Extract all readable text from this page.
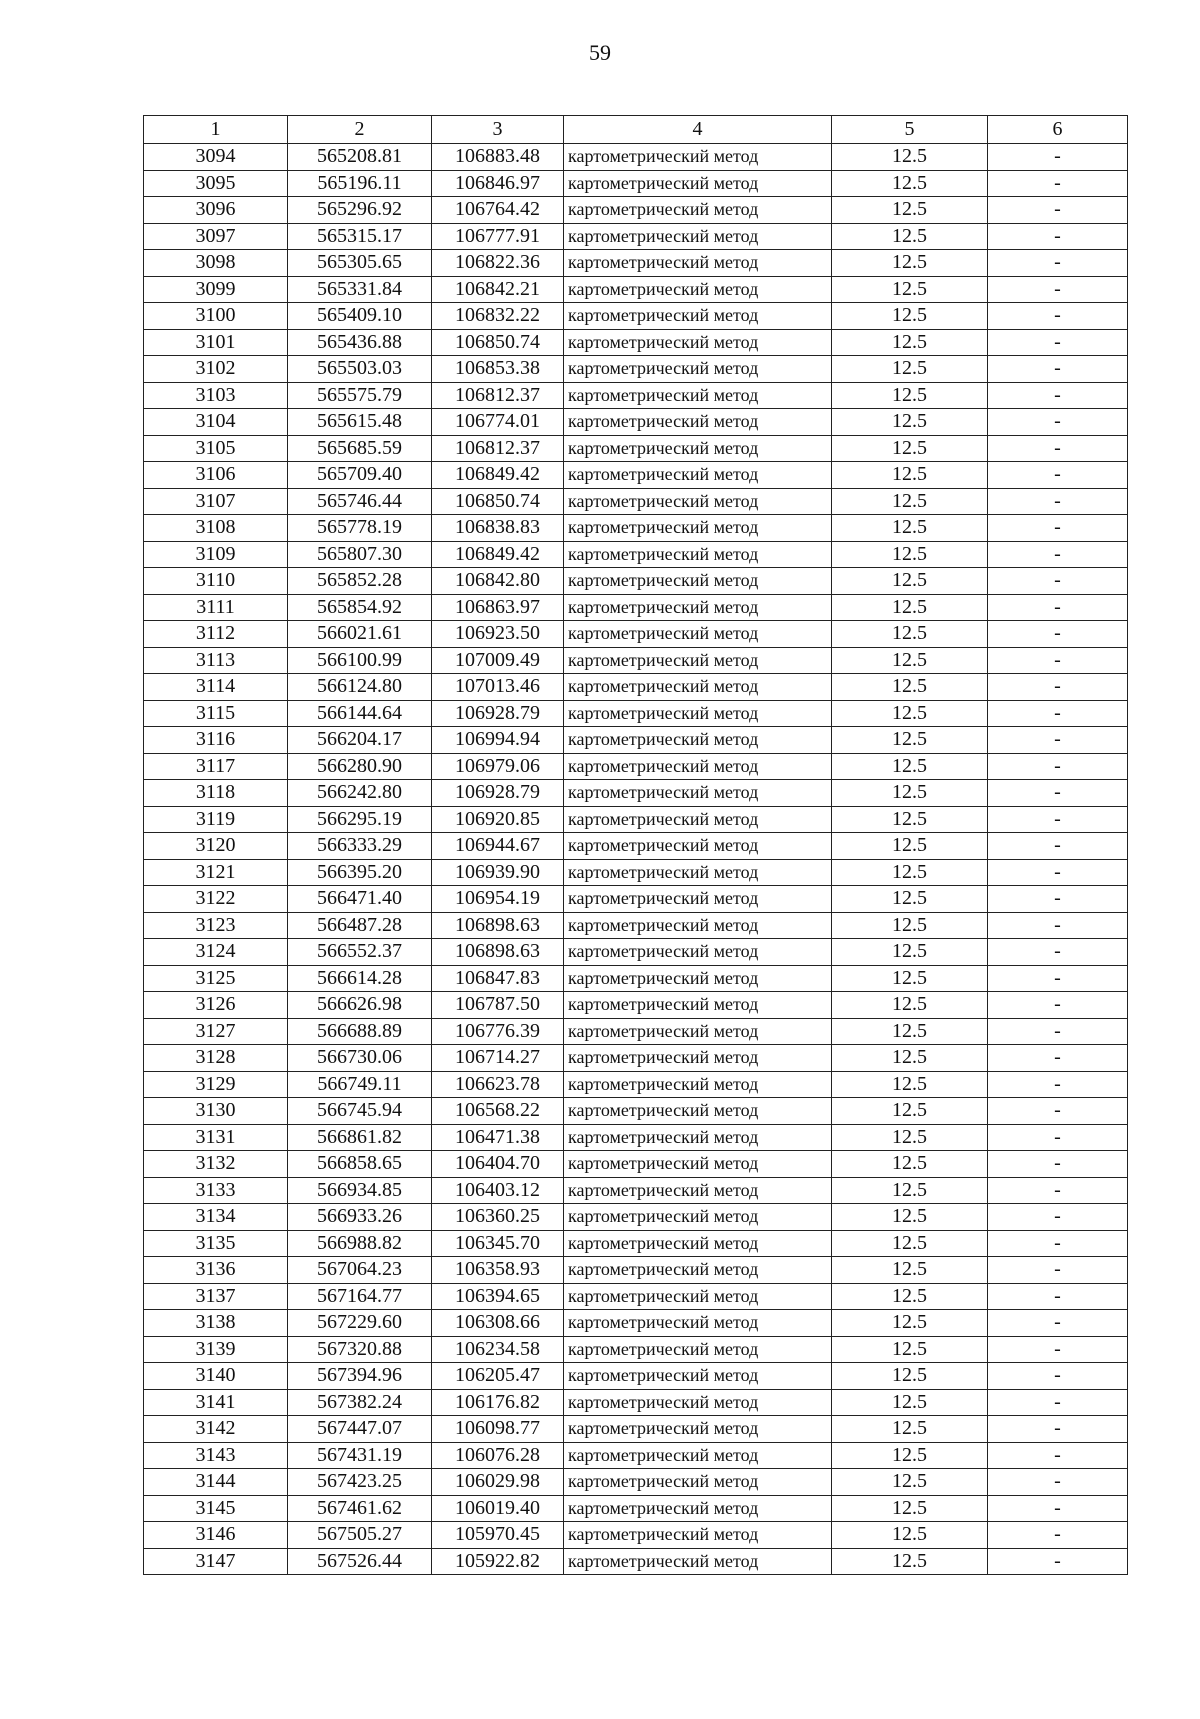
59
1	2	3	4	5	6
3094	565208.81	106883.48	картометрический метод	12.5	-
3095	565196.11	106846.97	картометрический метод	12.5	-
3096	565296.92	106764.42	картометрический метод	12.5	-
3097	565315.17	106777.91	картометрический метод	12.5	-
3098	565305.65	106822.36	картометрический метод	12.5	-
3099	565331.84	106842.21	картометрический метод	12.5	-
3100	565409.10	106832.22	картометрический метод	12.5	-
3101	565436.88	106850.74	картометрический метод	12.5	-
3102	565503.03	106853.38	картометрический метод	12.5	-
3103	565575.79	106812.37	картометрический метод	12.5	-
3104	565615.48	106774.01	картометрический метод	12.5	-
3105	565685.59	106812.37	картометрический метод	12.5	-
3106	565709.40	106849.42	картометрический метод	12.5	-
3107	565746.44	106850.74	картометрический метод	12.5	-
3108	565778.19	106838.83	картометрический метод	12.5	-
3109	565807.30	106849.42	картометрический метод	12.5	-
3110	565852.28	106842.80	картометрический метод	12.5	-
3111	565854.92	106863.97	картометрический метод	12.5	-
3112	566021.61	106923.50	картометрический метод	12.5	-
3113	566100.99	107009.49	картометрический метод	12.5	-
3114	566124.80	107013.46	картометрический метод	12.5	-
3115	566144.64	106928.79	картометрический метод	12.5	-
3116	566204.17	106994.94	картометрический метод	12.5	-
3117	566280.90	106979.06	картометрический метод	12.5	-
3118	566242.80	106928.79	картометрический метод	12.5	-
3119	566295.19	106920.85	картометрический метод	12.5	-
3120	566333.29	106944.67	картометрический метод	12.5	-
3121	566395.20	106939.90	картометрический метод	12.5	-
3122	566471.40	106954.19	картометрический метод	12.5	-
3123	566487.28	106898.63	картометрический метод	12.5	-
3124	566552.37	106898.63	картометрический метод	12.5	-
3125	566614.28	106847.83	картометрический метод	12.5	-
3126	566626.98	106787.50	картометрический метод	12.5	-
3127	566688.89	106776.39	картометрический метод	12.5	-
3128	566730.06	106714.27	картометрический метод	12.5	-
3129	566749.11	106623.78	картометрический метод	12.5	-
3130	566745.94	106568.22	картометрический метод	12.5	-
3131	566861.82	106471.38	картометрический метод	12.5	-
3132	566858.65	106404.70	картометрический метод	12.5	-
3133	566934.85	106403.12	картометрический метод	12.5	-
3134	566933.26	106360.25	картометрический метод	12.5	-
3135	566988.82	106345.70	картометрический метод	12.5	-
3136	567064.23	106358.93	картометрический метод	12.5	-
3137	567164.77	106394.65	картометрический метод	12.5	-
3138	567229.60	106308.66	картометрический метод	12.5	-
3139	567320.88	106234.58	картометрический метод	12.5	-
3140	567394.96	106205.47	картометрический метод	12.5	-
3141	567382.24	106176.82	картометрический метод	12.5	-
3142	567447.07	106098.77	картометрический метод	12.5	-
3143	567431.19	106076.28	картометрический метод	12.5	-
3144	567423.25	106029.98	картометрический метод	12.5	-
3145	567461.62	106019.40	картометрический метод	12.5	-
3146	567505.27	105970.45	картометрический метод	12.5	-
3147	567526.44	105922.82	картометрический метод	12.5	-
